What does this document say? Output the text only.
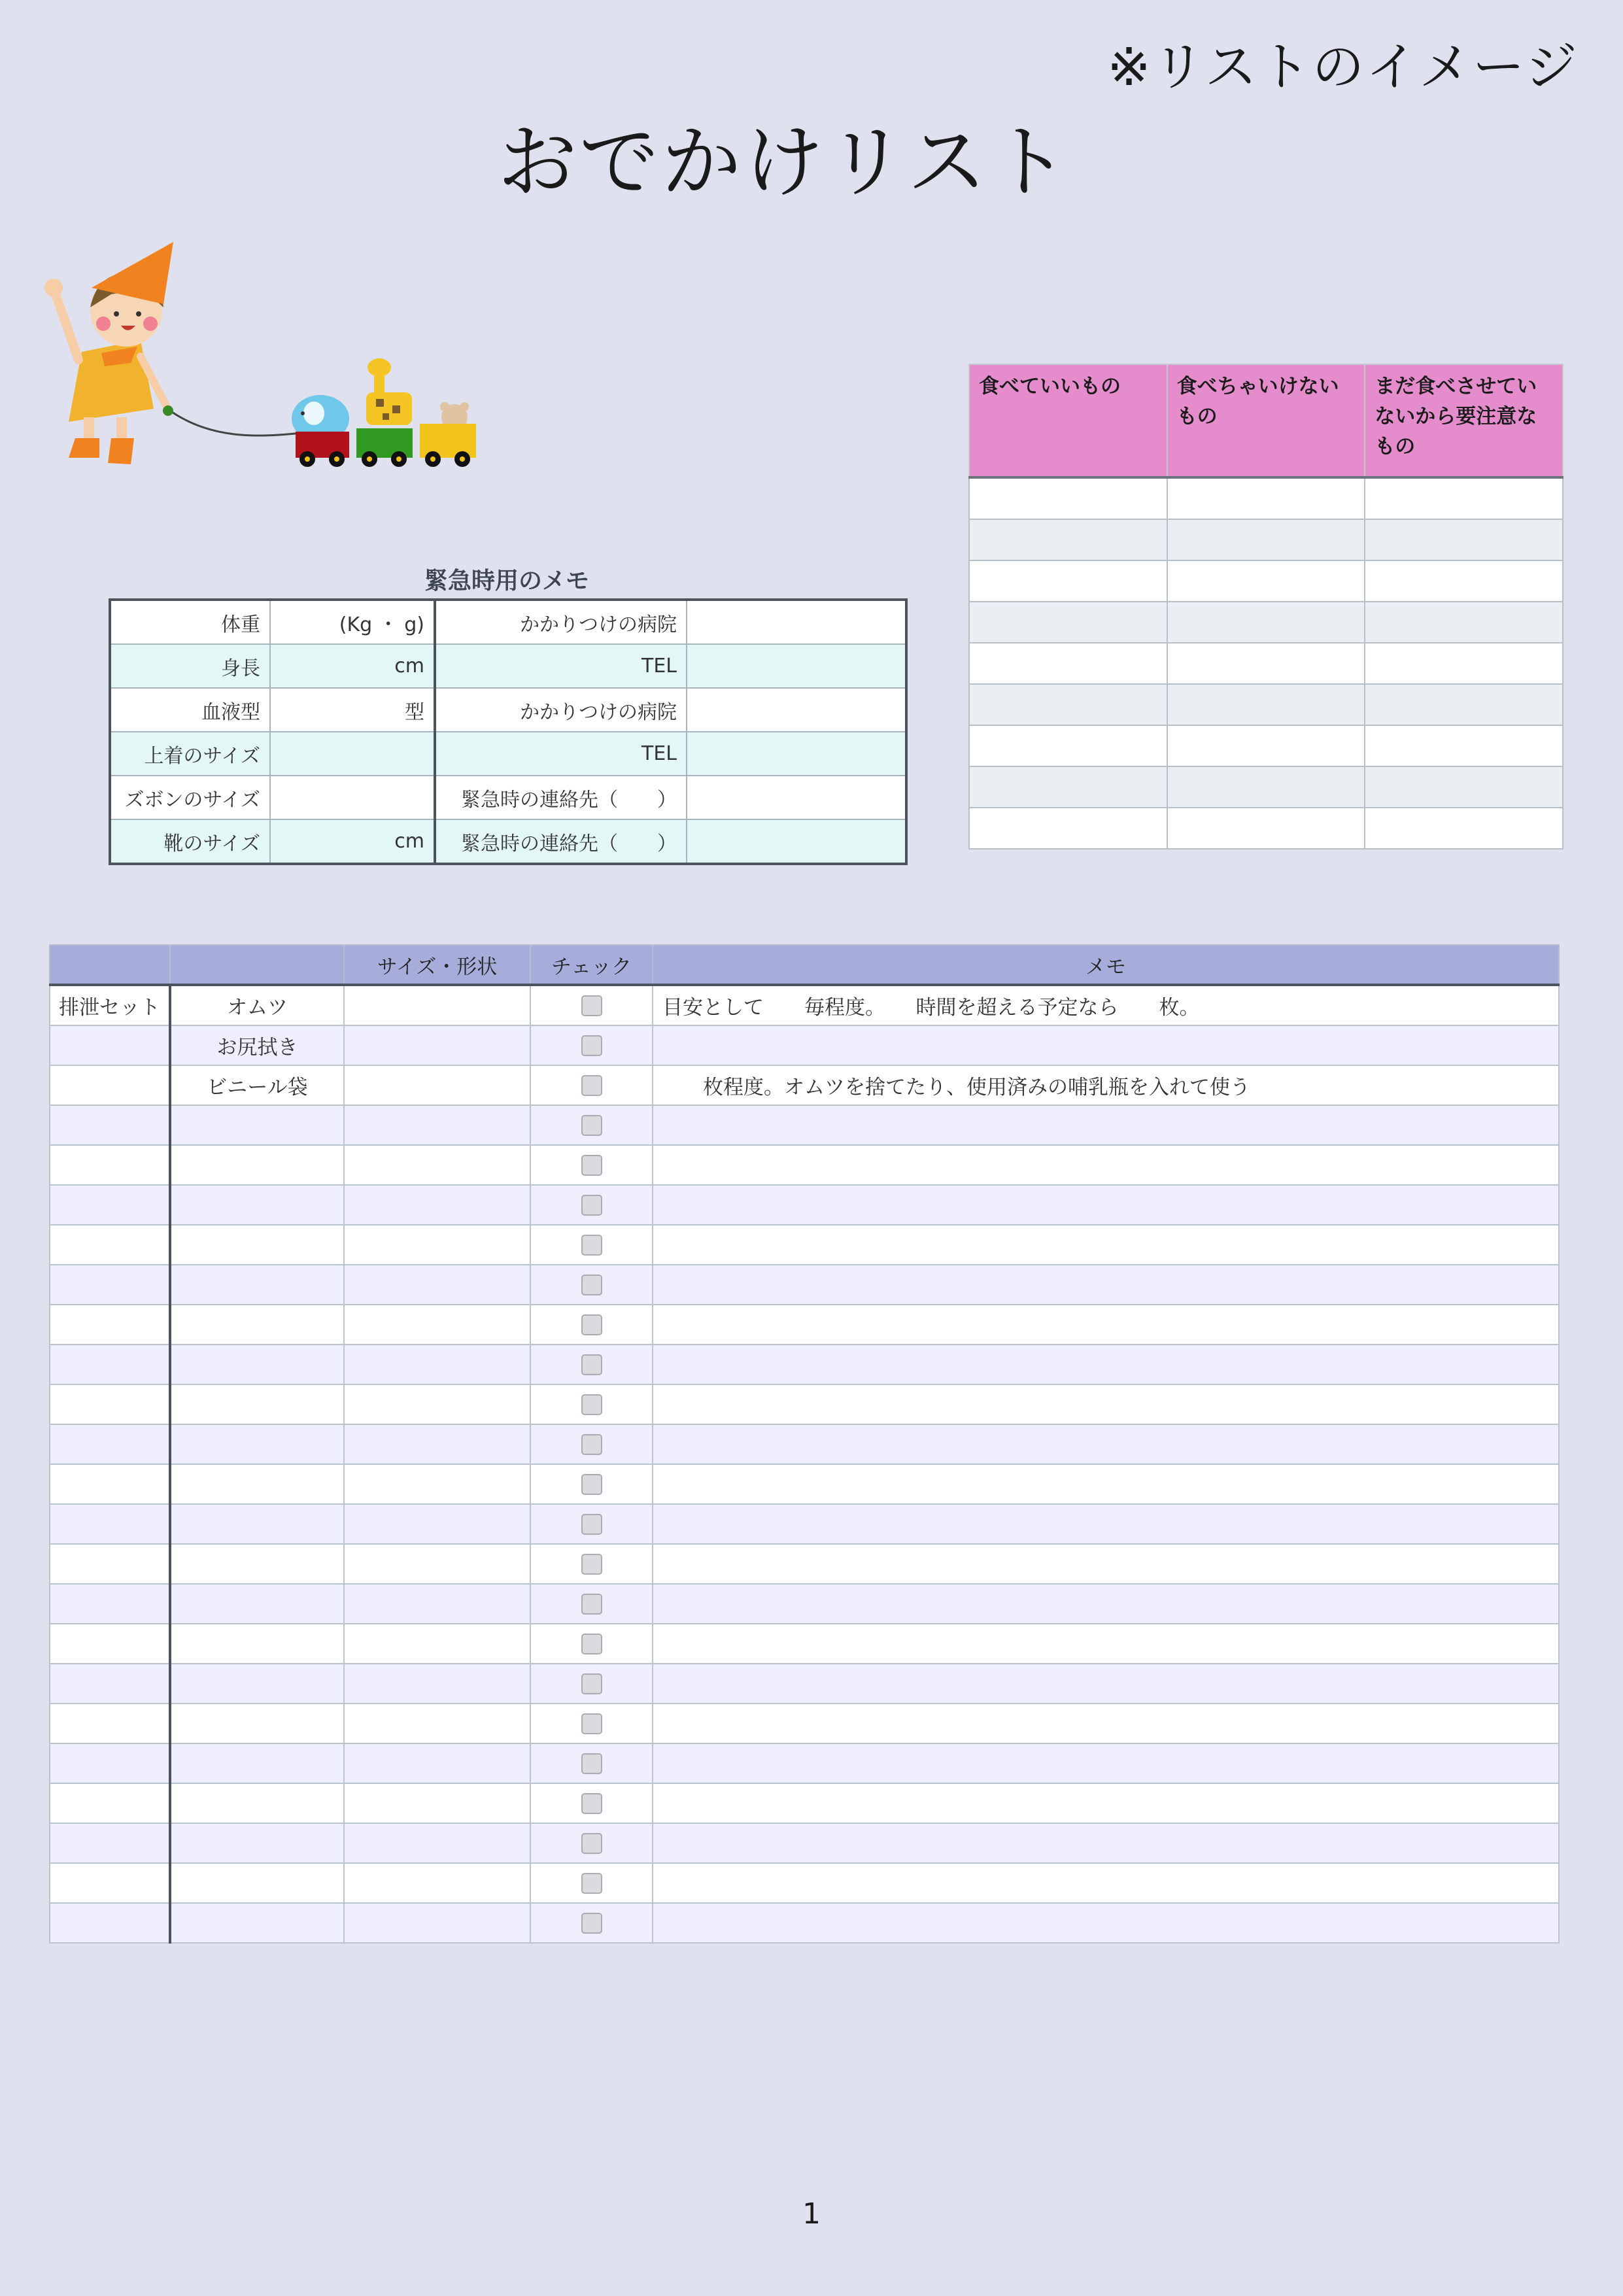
※リストのイメージ
おでかけリスト
緊急時用のメモ
体重	(Kg ・ g)	かかりつけの病院	
身長	cm	TEL	
血液型	型	かかりつけの病院	
上着のサイズ		TEL	
ズボンのサイズ		緊急時の連絡先（　　）	
靴のサイズ	cm	緊急時の連絡先（　　）	
食べていいもの	食べちゃいけないもの	まだ食べさせていないから要注意なもの

		サイズ・形状	チェック	メモ
排泄セット	オムツ			目安として　　毎程度。　　時間を超える予定なら　　枚。
	お尻拭き		

	ビニール袋			　　枚程度。オムツを捨てたり、使用済みの哺乳瓶を入れて使う

1
